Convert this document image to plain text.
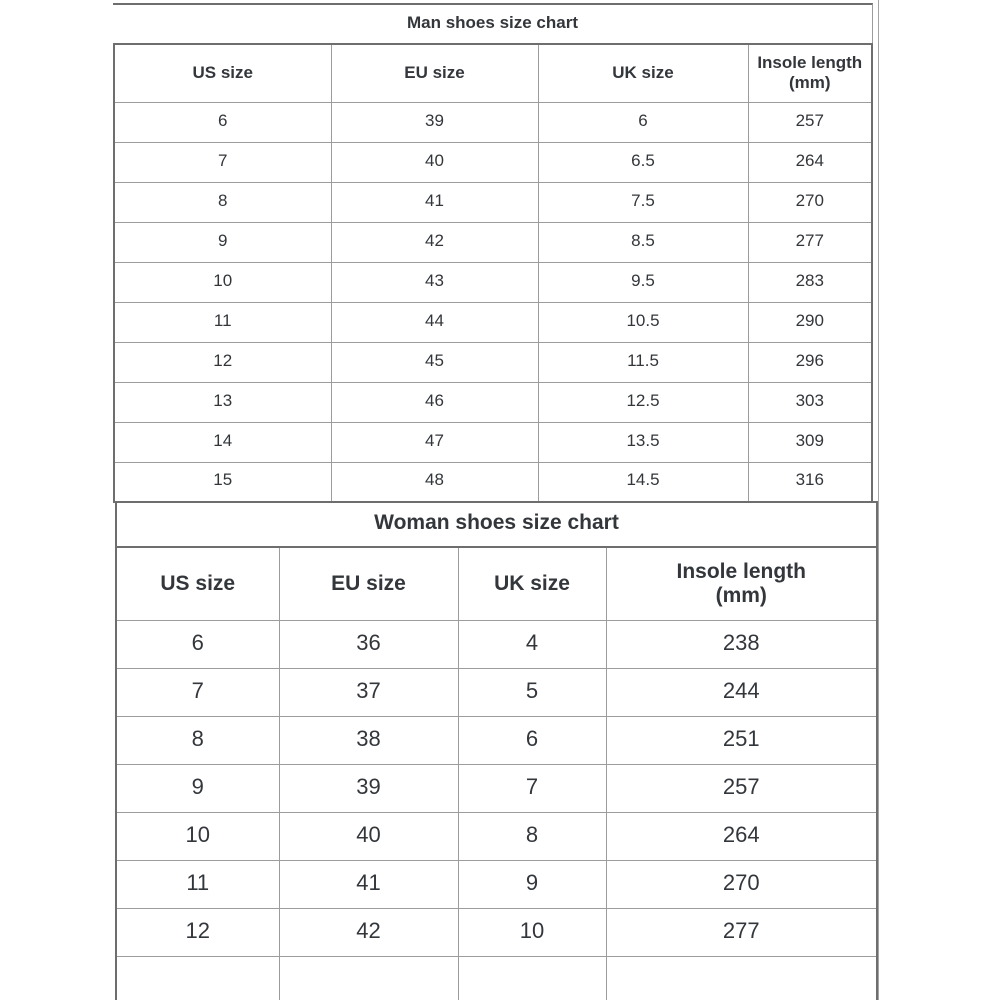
Man shoes size chart
US size	EU size	UK size	Insole length
(mm)
6	39	6	257
7	40	6.5	264
8	41	7.5	270
9	42	8.5	277
10	43	9.5	283
11	44	10.5	290
12	45	11.5	296
13	46	12.5	303
14	47	13.5	309
15	48	14.5	316
Woman shoes size chart
US size	EU size	UK size	Insole length
(mm)
6	36	4	238
7	37	5	244
8	38	6	251
9	39	7	257
10	40	8	264
11	41	9	270
12	42	10	277
